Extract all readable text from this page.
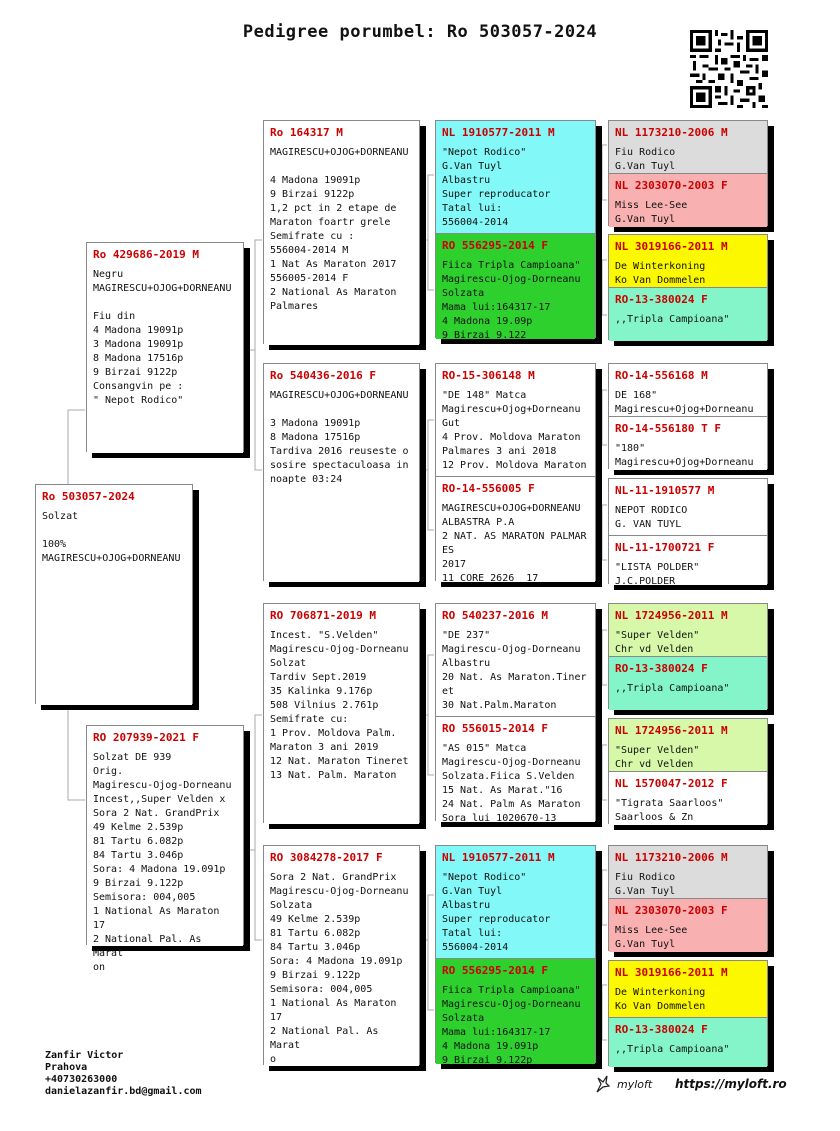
Pedigree porumbel: Ro 503057-2024
Ro 503057-2024
Solzat

100%
MAGIRESCU+OJOG+DORNEANU
Ro 429686-2019 M
Negru
MAGIRESCU+OJOG+DORNEANU

Fiu din
4 Madona 19091p
3 Madona 19091p
8 Madona 17516p
9 Birzai 9122p
Consangvin pe :
" Nepot Rodico"
RO 207939-2021 F
Solzat DE 939
Orig.
Magirescu-Ojog-Dorneanu
Incest,,Super Velden x
Sora 2 Nat. GrandPrix
49 Kelme 2.539p
81 Tartu 6.082p
84 Tartu 3.046p
Sora: 4 Madona 19.091p
9 Birzai 9.122p
Semisora: 004,005
1 National As Maraton 17
2 National Pal. As Marat
on
Ro 164317 M
MAGIRESCU+OJOG+DORNEANU

4 Madona 19091p
9 Birzai 9122p
1,2 pct in 2 etape de
Maraton foartr grele
Semifrate cu :
556004-2014 M
1 Nat As Maraton 2017
556005-2014 F
2 National As Maraton
Palmares
Ro 540436-2016 F
MAGIRESCU+OJOG+DORNEANU

3 Madona 19091p
8 Madona 17516p
Tardiva 2016 reuseste o
sosire spectaculoasa in
noapte 03:24
RO 706871-2019 M
Incest. "S.Velden"
Magirescu-Ojog-Dorneanu
Solzat
Tardiv Sept.2019
35 Kalinka 9.176p
508 Vilnius 2.761p
Semifrate cu:
1 Prov. Moldova Palm.
Maraton 3 ani 2019
12 Nat. Maraton Tineret
13 Nat. Palm. Maraton
RO 3084278-2017 F
Sora 2 Nat. GrandPrix
Magirescu-Ojog-Dorneanu
Solzata
49 Kelme 2.539p
81 Tartu 6.082p
84 Tartu 3.046p
Sora: 4 Madona 19.091p
9 Birzai 9.122p
Semisora: 004,005
1 National As Maraton 17
2 National Pal. As Marat
o
NL 1910577-2011 M
"Nepot Rodico"
G.Van Tuyl
Albastru
Super reproducator
Tatal lui:
556004-2014
RO 556295-2014 F
Fiica Tripla Campioana"
Magirescu-Ojog-Dorneanu
Solzata
Mama lui:164317-17
4 Madona 19.09p
9 Birzai 9.122
RO-15-306148 M
"DE 148" Matca
Magirescu+Ojog+Dorneanu
Gut
4 Prov. Moldova Maraton
Palmares 3 ani 2018
12 Prov. Moldova Maraton
RO-14-556005 F
MAGIRESCU+OJOG+DORNEANU
ALBASTRA P.A
2 NAT. AS MARATON PALMAR
ES
2017
11 CORE 2626  17
RO 540237-2016 M
"DE 237"
Magirescu-Ojog-Dorneanu
Albastru
20 Nat. As Maraton.Tiner
et
30 Nat.Palm.Maraton
RO 556015-2014 F
"AS 015" Matca
Magirescu-Ojog-Dorneanu
Solzata.Fiica S.Velden
15 Nat. As Marat."16
24 Nat. Palm As Maraton
Sora lui 1020670-13
NL 1910577-2011 M
"Nepot Rodico"
G.Van Tuyl
Albastru
Super reproducator
Tatal lui:
556004-2014
RO 556295-2014 F
Fiica Tripla Campioana"
Magirescu-Ojog-Dorneanu
Solzata
Mama lui:164317-17
4 Madona 19.091p
9 Birzai 9.122p
NL 1173210-2006 M
Fiu Rodico
G.Van Tuyl
NL 2303070-2003 F
Miss Lee-See
G.Van Tuyl
NL 3019166-2011 M
De Winterkoning
Ko Van Dommelen
RO-13-380024 F
,,Tripla Campioana"
RO-14-556168 M
DE 168"
Magirescu+Ojog+Dorneanu
RO-14-556180 T F
"180"
Magirescu+Ojog+Dorneanu
NL-11-1910577 M
NEPOT RODICO
G. VAN TUYL
NL-11-1700721 F
"LISTA POLDER"
J.C.POLDER
NL 1724956-2011 M
"Super Velden"
Chr vd Velden
RO-13-380024 F
,,Tripla Campioana"
NL 1724956-2011 M
"Super Velden"
Chr vd Velden
NL 1570047-2012 F
"Tigrata Saarloos"
Saarloos & Zn
NL 1173210-2006 M
Fiu Rodico
G.Van Tuyl
NL 2303070-2003 F
Miss Lee-See
G.Van Tuyl
NL 3019166-2011 M
De Winterkoning
Ko Van Dommelen
RO-13-380024 F
,,Tripla Campioana"
Zanfir Victor
Prahova
+40730263000
danielazanfir.bd@gmail.com
myloft https://myloft.ro
